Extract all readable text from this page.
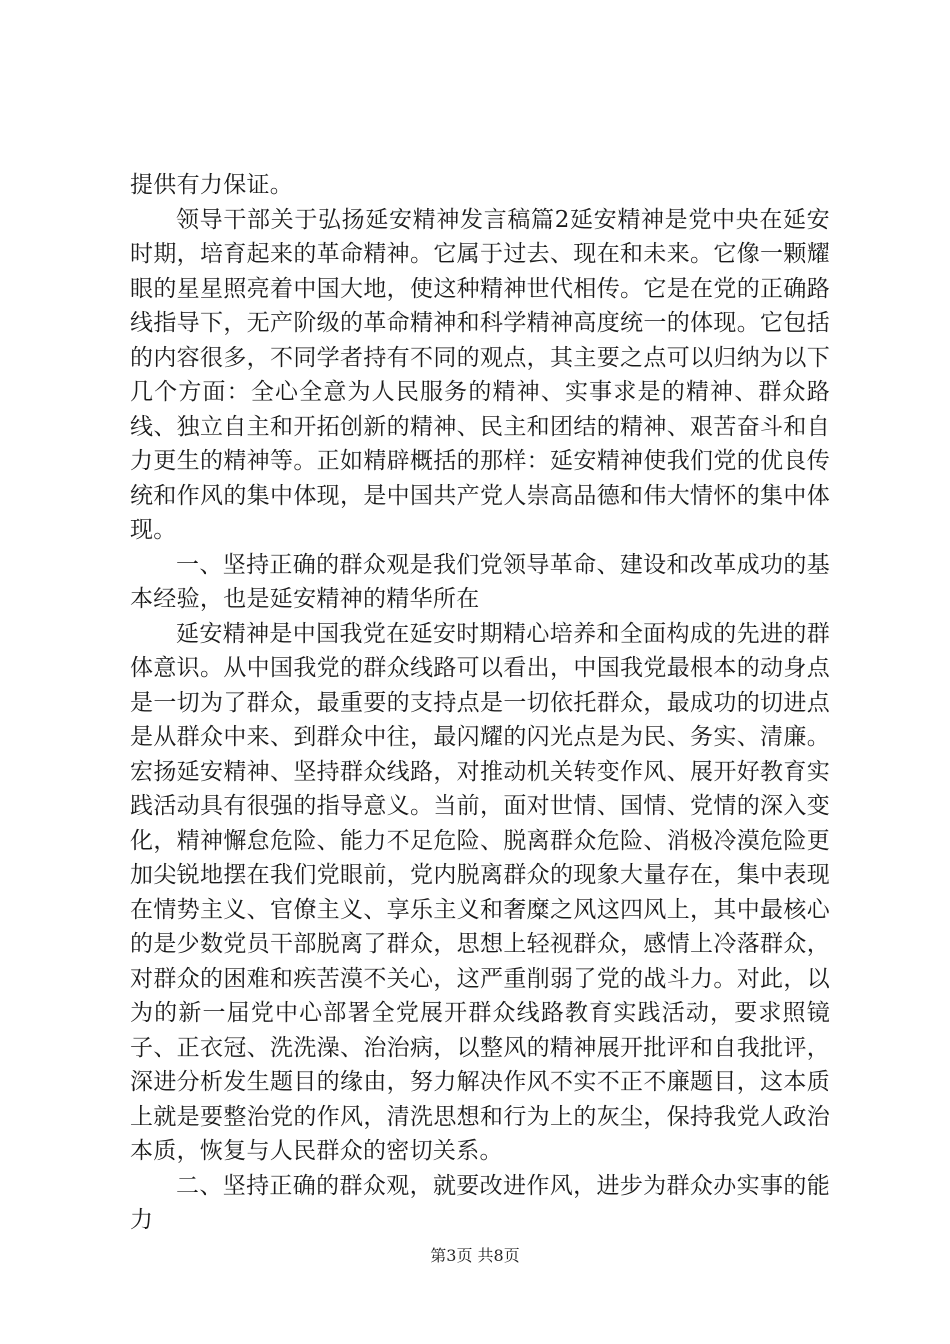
提供有力保证。

领导干部关于弘扬延安精神发言稿篇2延安精神是党中央在延安时期，培育起来的革命精神。它属于过去、现在和未来。它像一颗耀眼的星星照亮着中国大地，使这种精神世代相传。它是在党的正确路线指导下，无产阶级的革命精神和科学精神高度统一的体现。它包括的内容很多，不同学者持有不同的观点，其主要之点可以归纳为以下几个方面：全心全意为人民服务的精神、实事求是的精神、群众路线、独立自主和开拓创新的精神、民主和团结的精神、艰苦奋斗和自力更生的精神等。正如精辟概括的那样：延安精神使我们党的优良传统和作风的集中体现，是中国共产党人崇高品德和伟大情怀的集中体现。

一、坚持正确的群众观是我们党领导革命、建设和改革成功的基本经验，也是延安精神的精华所在

延安精神是中国我党在延安时期精心培养和全面构成的先进的群体意识。从中国我党的群众线路可以看出，中国我党最根本的动身点是一切为了群众，最重要的支持点是一切依托群众，最成功的切进点是从群众中来、到群众中往，最闪耀的闪光点是为民、务实、清廉。宏扬延安精神、坚持群众线路，对推动机关转变作风、展开好教育实践活动具有很强的指导意义。当前，面对世情、国情、党情的深入变化，精神懈怠危险、能力不足危险、脱离群众危险、消极冷漠危险更加尖锐地摆在我们党眼前，党内脱离群众的现象大量存在，集中表现在情势主义、官僚主义、享乐主义和奢糜之风这四风上，其中最核心的是少数党员干部脱离了群众，思想上轻视群众，感情上冷落群众，对群众的困难和疾苦漠不关心，这严重削弱了党的战斗力。对此，以为的新一届党中心部署全党展开群众线路教育实践活动，要求照镜子、正衣冠、洗洗澡、治治病，以整风的精神展开批评和自我批评，深进分析发生题目的缘由，努力解决作风不实不正不廉题目，这本质上就是要整治党的作风，清洗思想和行为上的灰尘，保持我党人政治本质，恢复与人民群众的密切关系。

二、坚持正确的群众观，就要改进作风，进步为群众办实事的能力

第3页 共8页
